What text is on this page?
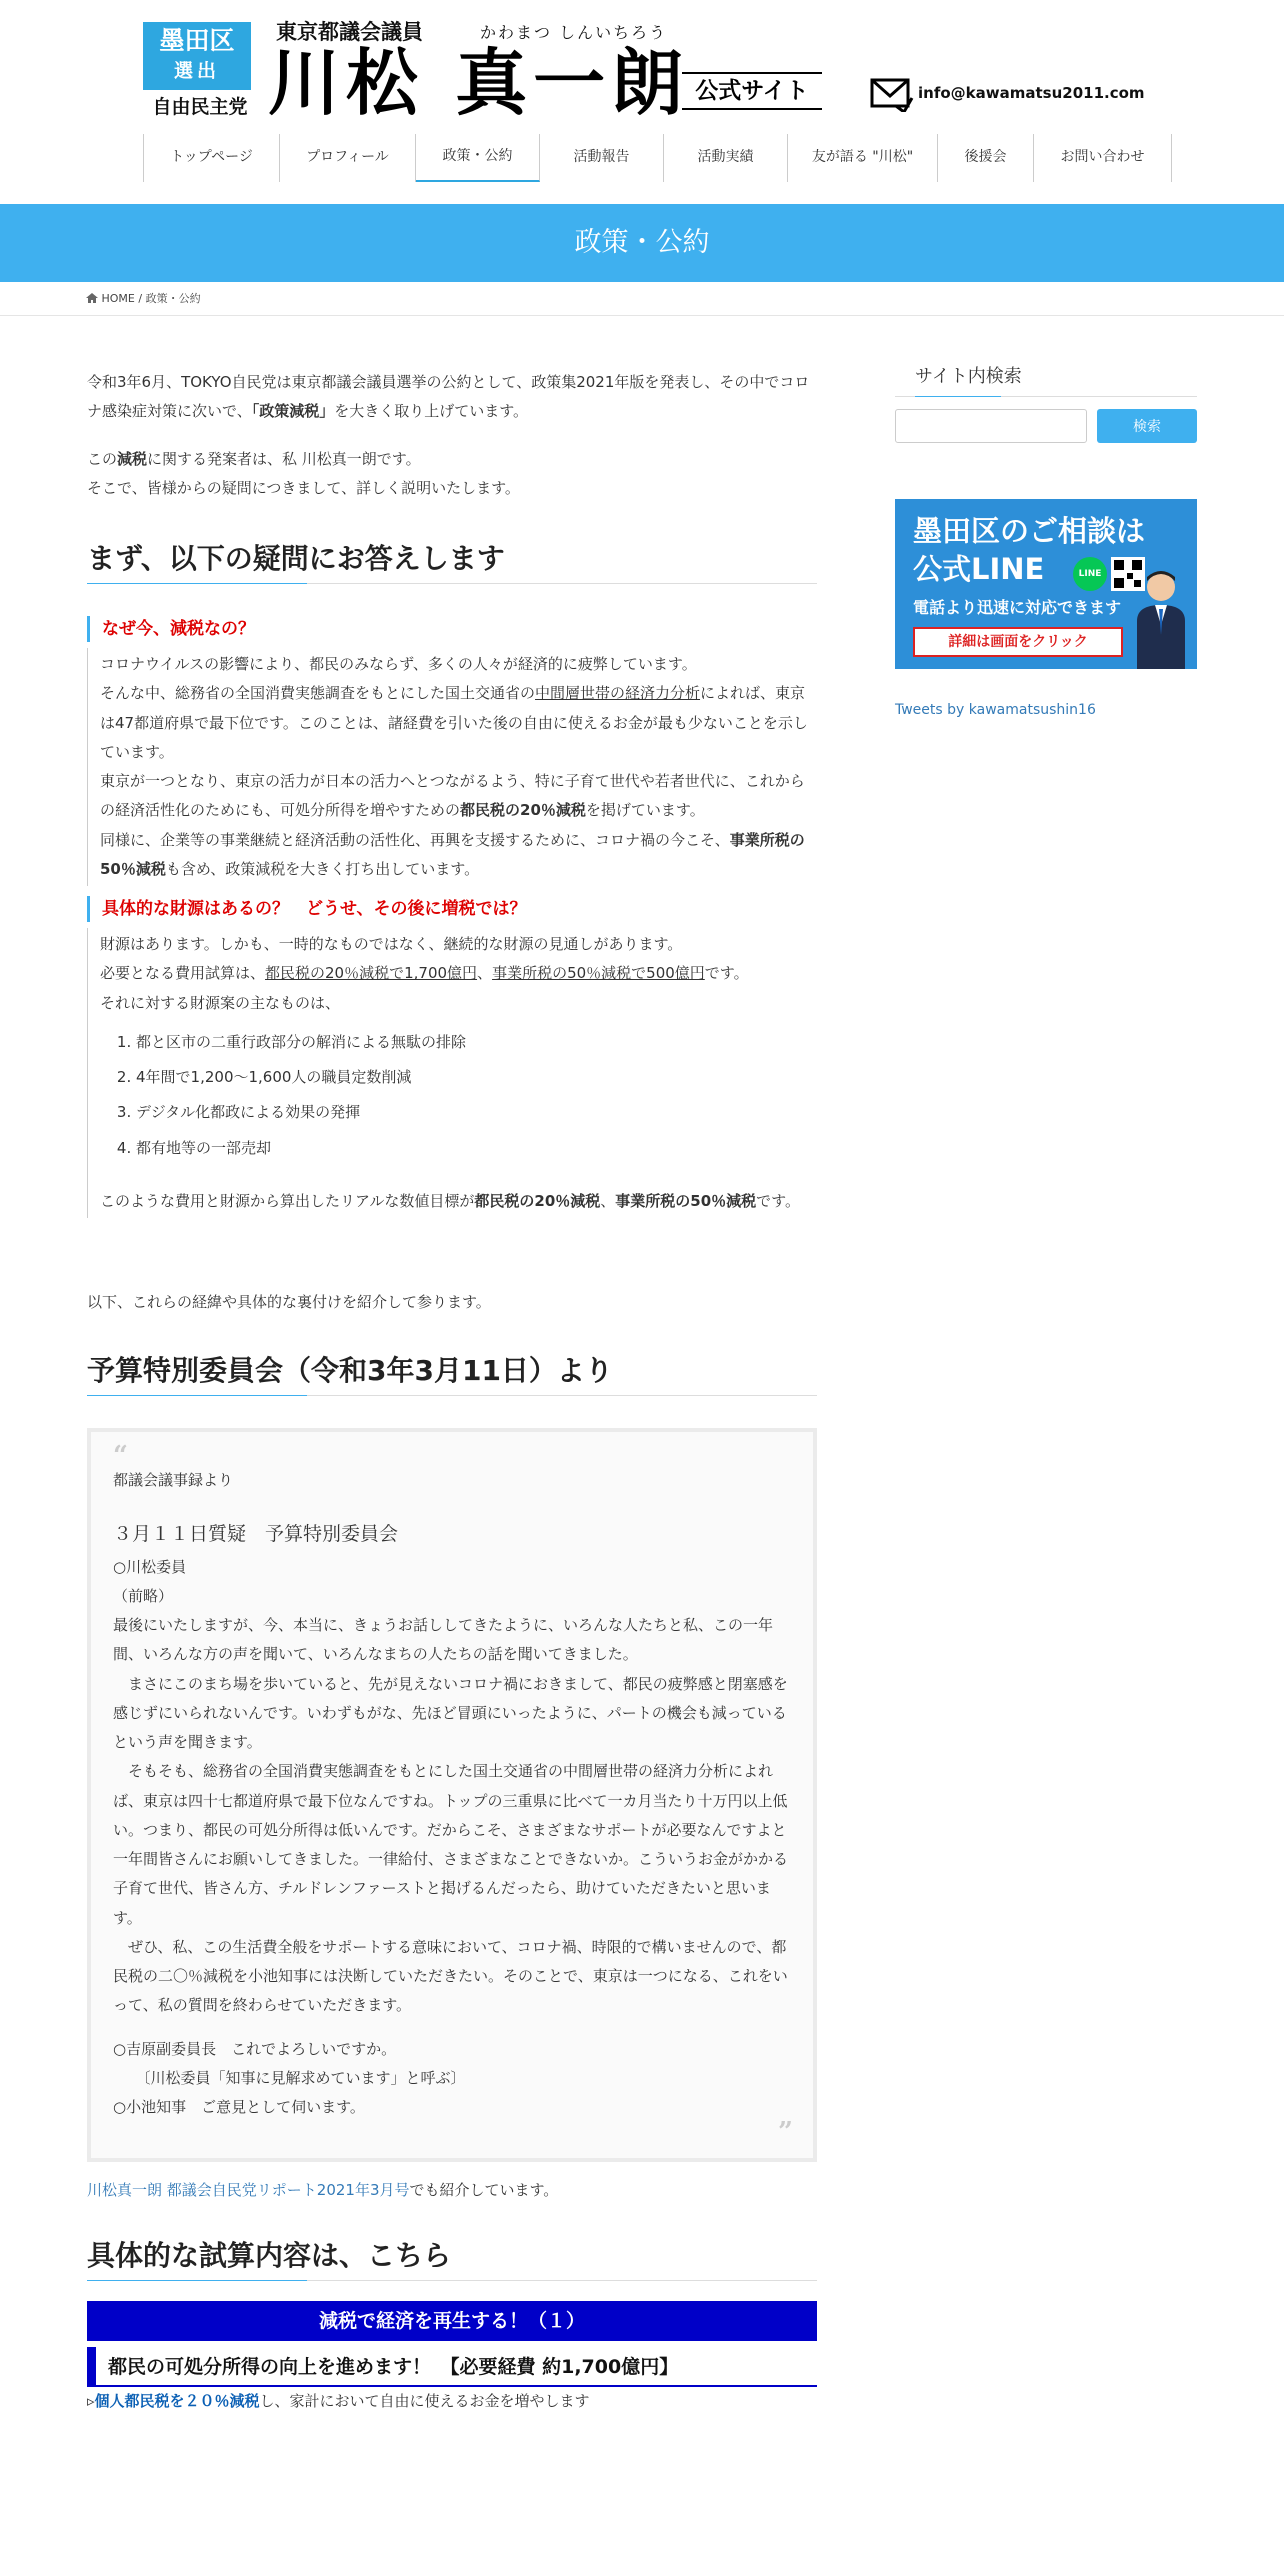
墨田区
選出
自由民主党
東京都議会議員	かわまつ しんいちろう
川松 真一朗 公式サイト	info@kawamatsu2011.com
トップページ	プロフィール	政策・公約	活動報告	活動実績	友が語る "川松"	後援会	お問い合わせ
政策・公約
HOME / 政策・公約

令和3年6月、TOKYO自民党は東京都議会議員選挙の公約として、政策集2021年版を発表し、その中でコロナ感染症対策に次いで、「政策減税」を大きく取り上げています。

この減税に関する発案者は、私 川松真一朗です。
そこで、皆様からの疑問につきまして、詳しく説明いたします。

まず、以下の疑問にお答えします
なぜ今、減税なの？

コロナウイルスの影響により、都民のみならず、多くの人々が経済的に疲弊しています。

そんな中、総務省の全国消費実態調査をもとにした国土交通省の中間層世帯の経済力分析によれば、東京は47都道府県で最下位です。このことは、諸経費を引いた後の自由に使えるお金が最も少ないことを示しています。

東京が一つとなり、東京の活力が日本の活力へとつながるよう、特に子育て世代や若者世代に、これからの経済活性化のためにも、可処分所得を増やすための都民税の20％減税を掲げています。

同様に、企業等の事業継続と経済活動の活性化、再興を支援するために、コロナ禍の今こそ、事業所税の50％減税も含め、政策減税を大きく打ち出しています。

具体的な財源はあるの？　どうせ、その後に増税では？

財源はあります。しかも、一時的なものではなく、継続的な財源の見通しがあります。

必要となる費用試算は、都民税の20％減税で1,700億円、事業所税の50％減税で500億円です。

それに対する財源案の主なものは、

1. 都と区市の二重行政部分の解消による無駄の排除
2. 4年間で1,200～1,600人の職員定数削減
3. デジタル化都政による効果の発揮
4. 都有地等の一部売却

このような費用と財源から算出したリアルな数値目標が都民税の20％減税、事業所税の50％減税です。

以下、これらの経緯や具体的な裏付けを紹介して参ります。

予算特別委員会（令和3年3月11日）より
“

都議会議事録より

３月１１日質疑　予算特別委員会

○川松委員

（前略）

最後にいたしますが、今、本当に、きょうお話ししてきたように、いろんな人たちと私、この一年間、いろんな方の声を聞いて、いろんなまちの人たちの話を聞いてきました。

　まさにこのまち場を歩いていると、先が見えないコロナ禍におきまして、都民の疲弊感と閉塞感を感じずにいられないんです。いわずもがな、先ほど冒頭にいったように、パートの機会も減っているという声を聞きます。

　そもそも、総務省の全国消費実態調査をもとにした国土交通省の中間層世帯の経済力分析によれば、東京は四十七都道府県で最下位なんですね。トップの三重県に比べて一カ月当たり十万円以上低い。つまり、都民の可処分所得は低いんです。だからこそ、さまざまなサポートが必要なんですよと一年間皆さんにお願いしてきました。一律給付、さまざまなことできないか。こういうお金がかかる子育て世代、皆さん方、チルドレンファーストと掲げるんだったら、助けていただきたいと思います。

　ぜひ、私、この生活費全般をサポートする意味において、コロナ禍、時限的で構いませんので、都民税の二〇％減税を小池知事には決断していただきたい。そのことで、東京は一つになる、これをいって、私の質問を終わらせていただきます。

○吉原副委員長　これでよろしいですか。

　　〔川松委員「知事に見解求めています」と呼ぶ〕

○小池知事　ご意見として伺います。

”

川松真一朗 都議会自民党リポート2021年3月号でも紹介しています。

具体的な試算内容は、こちら
減税で経済を再生する！（１）
都民の可処分所得の向上を進めます！　【必要経費 約1,700億円】
▹個人都民税を２０％減税し、家計において自由に使えるお金を増やします
サイト内検索
検索
墨田区のご相談は
公式LINE	LINE
電話より迅速に対応できます
詳細は画面をクリック
Tweets by kawamatsushin16
